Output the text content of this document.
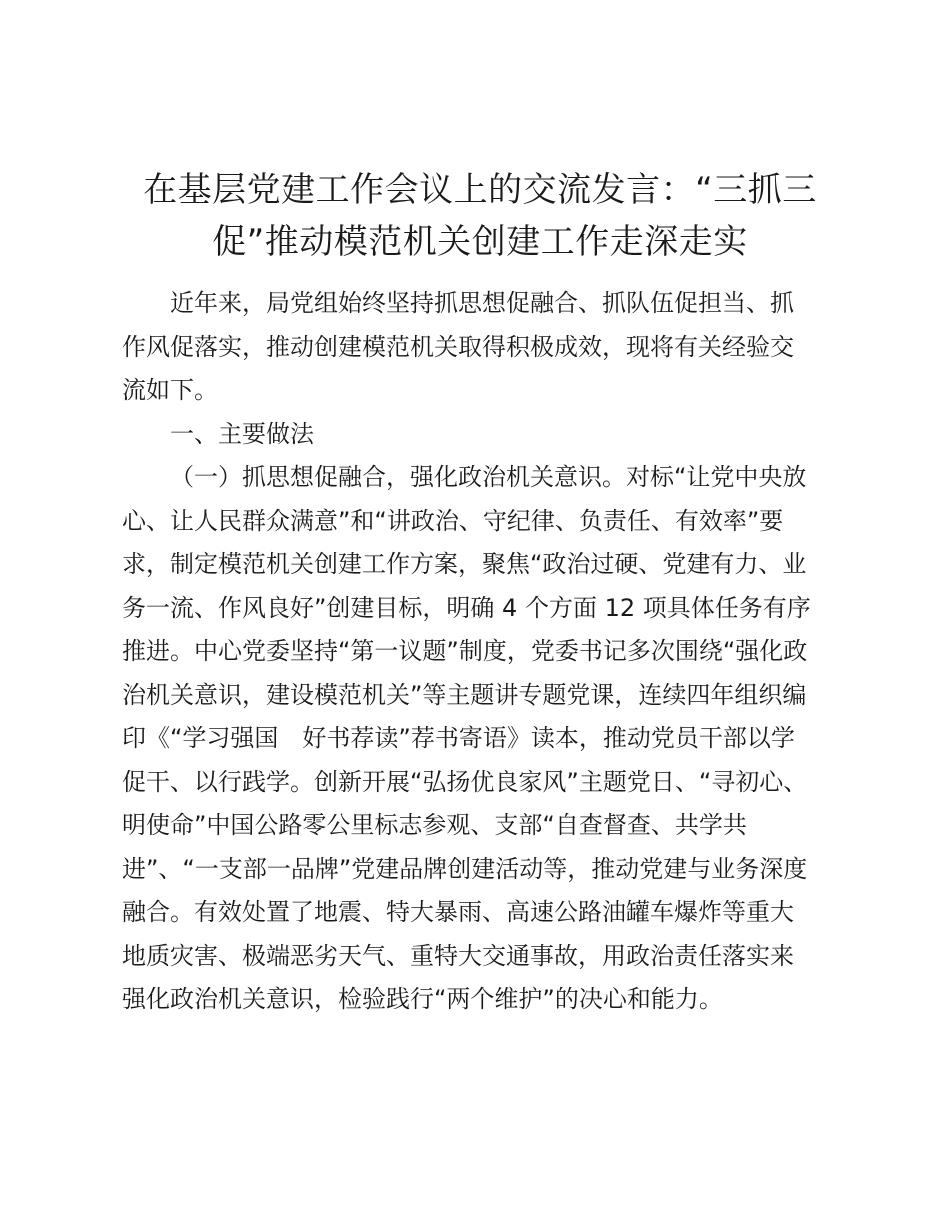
在基层党建工作会议上的交流发言：“三抓三
促”推动模范机关创建工作走深走实
近年来，局党组始终坚持抓思想促融合、抓队伍促担当、抓
作风促落实，推动创建模范机关取得积极成效，现将有关经验交
流如下。
一、主要做法
（一）抓思想促融合，强化政治机关意识。对标“让党中央放
心、让人民群众满意”和“讲政治、守纪律、负责任、有效率”要
求，制定模范机关创建工作方案，聚焦“政治过硬、党建有力、业
务一流、作风良好”创建目标，明确 4 个方面 12 项具体任务有序
推进。中心党委坚持“第一议题”制度，党委书记多次围绕“强化政
治机关意识，建设模范机关”等主题讲专题党课，连续四年组织编
印《“学习强国　好书荐读”荐书寄语》读本，推动党员干部以学
促干、以行践学。创新开展“弘扬优良家风”主题党日、“寻初心、
明使命”中国公路零公里标志参观、支部“自查督查、共学共
进”、“一支部一品牌”党建品牌创建活动等，推动党建与业务深度
融合。有效处置了地震、特大暴雨、高速公路油罐车爆炸等重大
地质灾害、极端恶劣天气、重特大交通事故，用政治责任落实来
强化政治机关意识，检验践行“两个维护”的决心和能力。
